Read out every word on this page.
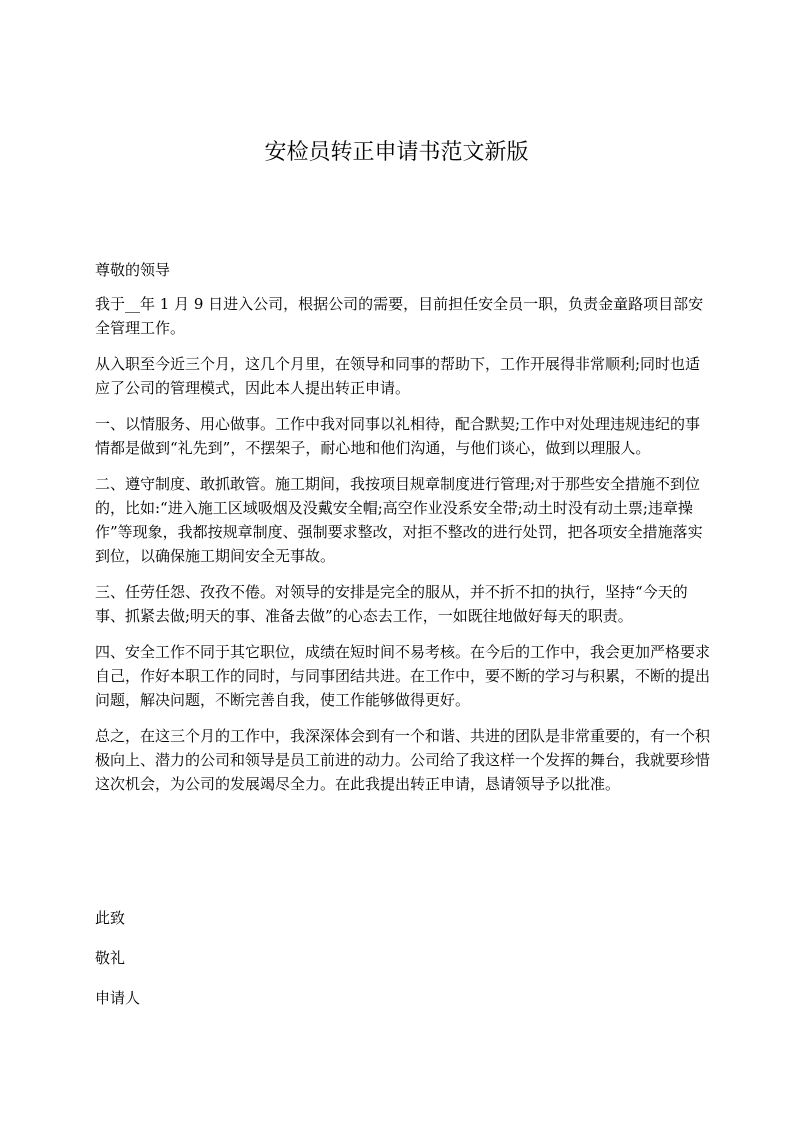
安检员转正申请书范文新版

尊敬的领导

我于__年 1 月 9 日进入公司，根据公司的需要，目前担任安全员一职，负责金童路项目部安全管理工作。

从入职至今近三个月，这几个月里，在领导和同事的帮助下，工作开展得非常顺利;同时也适应了公司的管理模式，因此本人提出转正申请。

一、以情服务、用心做事。工作中我对同事以礼相待，配合默契;工作中对处理违规违纪的事情都是做到“礼先到”，不摆架子，耐心地和他们沟通，与他们谈心，做到以理服人。

二、遵守制度、敢抓敢管。施工期间，我按项目规章制度进行管理;对于那些安全措施不到位的，比如:“进入施工区域吸烟及没戴安全帽;高空作业没系安全带;动土时没有动土票;违章操作”等现象，我都按规章制度、强制要求整改，对拒不整改的进行处罚，把各项安全措施落实到位，以确保施工期间安全无事故。

三、任劳任怨、孜孜不倦。对领导的安排是完全的服从，并不折不扣的执行，坚持“今天的事、抓紧去做;明天的事、准备去做”的心态去工作，一如既往地做好每天的职责。

四、安全工作不同于其它职位，成绩在短时间不易考核。在今后的工作中，我会更加严格要求自己，作好本职工作的同时，与同事团结共进。在工作中，要不断的学习与积累，不断的提出问题，解决问题，不断完善自我，使工作能够做得更好。

总之，在这三个月的工作中，我深深体会到有一个和谐、共进的团队是非常重要的，有一个积极向上、潜力的公司和领导是员工前进的动力。公司给了我这样一个发挥的舞台，我就要珍惜这次机会，为公司的发展竭尽全力。在此我提出转正申请，恳请领导予以批准。

此致

敬礼

申请人
